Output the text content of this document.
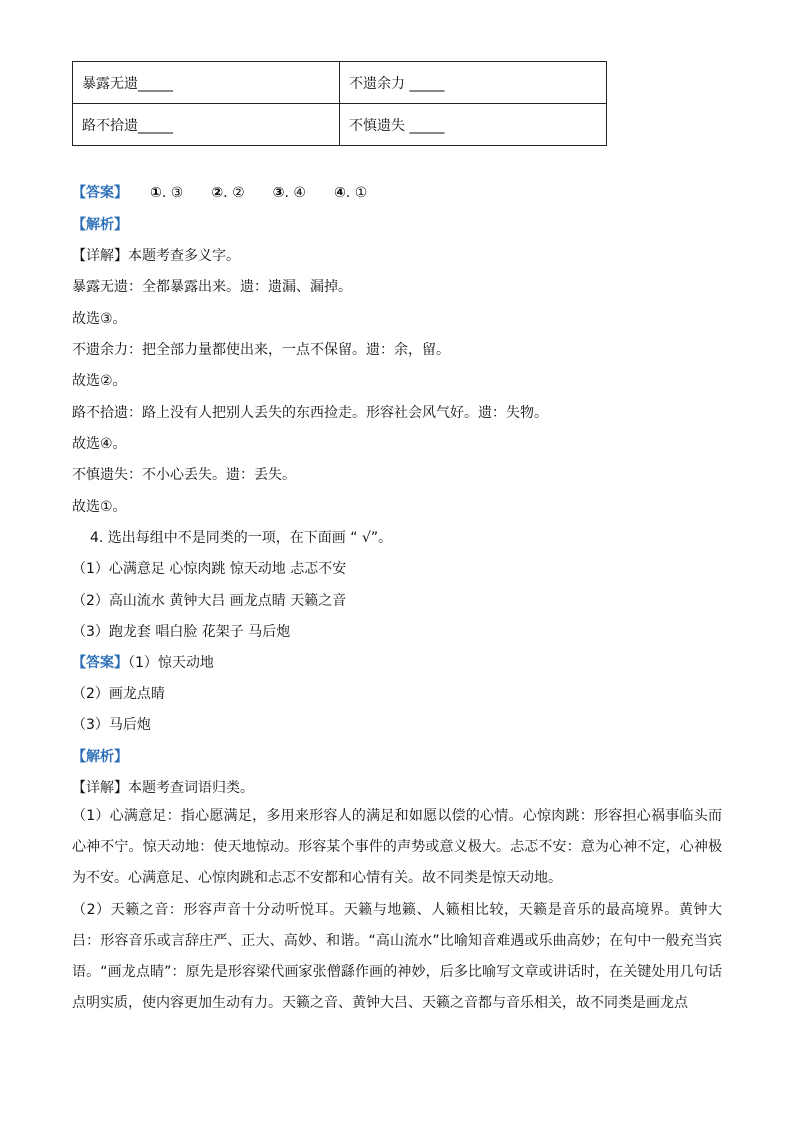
暴露无遗_____	不遗余力 _____
路不拾遗_____	不慎遗失 _____
【答案】 ①. ③ ②. ② ③. ④ ④. ①
【解析】
【详解】本题考查多义字。
暴露无遗：全都暴露出来。遗：遗漏、漏掉。
故选③。
不遗余力：把全部力量都使出来，一点不保留。遗：余，留。
故选②。
路不拾遗：路上没有人把别人丢失的东西捡走。形容社会风气好。遗：失物。
故选④。
不慎遗失：不小心丢失。遗：丢失。
故选①。
4. 选出每组中不是同类的一项，在下面画 “ √”。
（1）心满意足 心惊肉跳 惊天动地 忐忑不安
（2）高山流水 黄钟大吕 画龙点睛 天籁之音
（3）跑龙套 唱白脸 花架子 马后炮
【答案】（1）惊天动地
（2）画龙点睛
（3）马后炮
【解析】
【详解】本题考查词语归类。
（1）心满意足：指心愿满足，多用来形容人的满足和如愿以偿的心情。心惊肉跳：形容担心祸事临头而心神不宁。惊天动地：使天地惊动。形容某个事件的声势或意义极大。忐忑不安：意为心神不定，心神极为不安。心满意足、心惊肉跳和忐忑不安都和心情有关。故不同类是惊天动地。
（2）天籁之音：形容声音十分动听悦耳。天籁与地籁、人籁相比较，天籁是音乐的最高境界。黄钟大吕：形容音乐或言辞庄严、正大、高妙、和谐。“高山流水”比喻知音难遇或乐曲高妙；在句中一般充当宾语。“画龙点睛”：原先是形容梁代画家张僧繇作画的神妙，后多比喻写文章或讲话时，在关键处用几句话点明实质，使内容更加生动有力。天籁之音、黄钟大吕、天籁之音都与音乐相关，故不同类是画龙点
